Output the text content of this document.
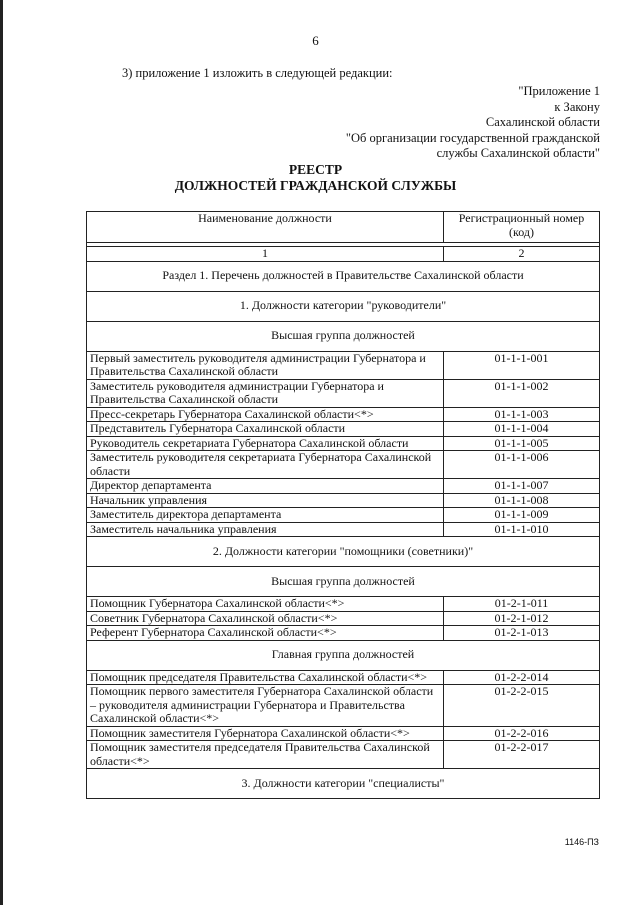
6
3) приложение 1 изложить в следующей редакции:
"Приложение 1
к Закону
Сахалинской области
"Об организации государственной гражданской
службы Сахалинской области"
РЕЕСТР
ДОЛЖНОСТЕЙ ГРАЖДАНСКОЙ СЛУЖБЫ
Наименование должности	Регистрационный номер (код)

1	2
Раздел 1. Перечень должностей в Правительстве Сахалинской области	
1. Должности категории "руководители"	
Высшая группа должностей	
Первый заместитель руководителя администрации Губернатора и Правительства Сахалинской области	01-1-1-001
Заместитель руководителя администрации Губернатора и Правительства Сахалинской области	01-1-1-002
Пресс-секретарь Губернатора Сахалинской области<*>	01-1-1-003
Представитель Губернатора Сахалинской области	01-1-1-004
Руководитель секретариата Губернатора Сахалинской области	01-1-1-005
Заместитель руководителя секретариата Губернатора Сахалинской области	01-1-1-006
Директор департамента	01-1-1-007
Начальник управления	01-1-1-008
Заместитель директора департамента	01-1-1-009
Заместитель начальника управления	01-1-1-010
2. Должности категории "помощники (советники)"	
Высшая группа должностей	
Помощник Губернатора Сахалинской области<*>	01-2-1-011
Советник Губернатора Сахалинской области<*>	01-2-1-012
Референт Губернатора Сахалинской области<*>	01-2-1-013
Главная группа должностей	
Помощник председателя Правительства Сахалинской области<*>	01-2-2-014
Помощник первого заместителя Губернатора Сахалинской области – руководителя администрации Губернатора и Правительства Сахалинской области<*>	01-2-2-015
Помощник заместителя Губернатора Сахалинской области<*>	01-2-2-016
Помощник заместителя председателя Правительства Сахалинской области<*>	01-2-2-017
3. Должности категории "специалисты"	
1146-ПЗ
